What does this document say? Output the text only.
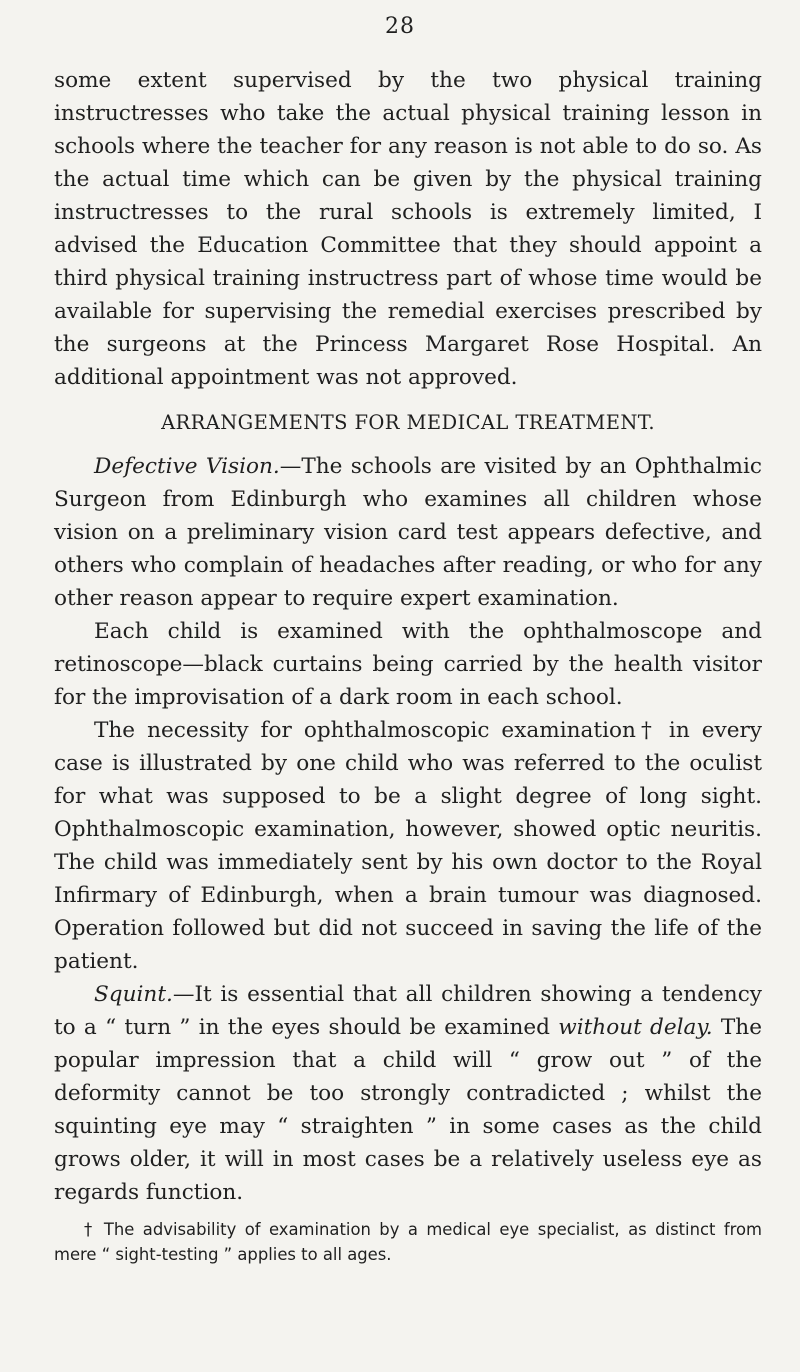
28

some extent supervised by the two physical training instructresses who take the actual physical training lesson in schools where the teacher for any reason is not able to do so. As the actual time which can be given by the physical training instructresses to the rural schools is extremely limited, I advised the Education Committee that they should appoint a third physical training instructress part of whose time would be available for supervising the remedial exercises prescribed by the surgeons at the Princess Margaret Rose Hospital. An additional appointment was not approved.

ARRANGEMENTS FOR MEDICAL TREATMENT.

Defective Vision.—The schools are visited by an Ophthalmic Surgeon from Edinburgh who examines all children whose vision on a preliminary vision card test appears defective, and others who complain of headaches after reading, or who for any other reason appear to require expert examination.

Each child is examined with the ophthalmoscope and retinoscope—black curtains being carried by the health visitor for the improvisation of a dark room in each school.

The necessity for ophthalmoscopic examination† in every case is illustrated by one child who was referred to the oculist for what was supposed to be a slight degree of long sight. Ophthalmoscopic examination, however, showed optic neuritis. The child was immediately sent by his own doctor to the Royal Infirmary of Edinburgh, when a brain tumour was diagnosed. Operation followed but did not succeed in saving the life of the patient.

Squint.—It is essential that all children showing a tendency to a “ turn ” in the eyes should be examined without delay. The popular impression that a child will “ grow out ” of the deformity cannot be too strongly contradicted ; whilst the squinting eye may “ straighten ” in some cases as the child grows older, it will in most cases be a relatively useless eye as regards function.

† The advisability of examination by a medical eye specialist, as distinct from mere “ sight-testing ” applies to all ages.
